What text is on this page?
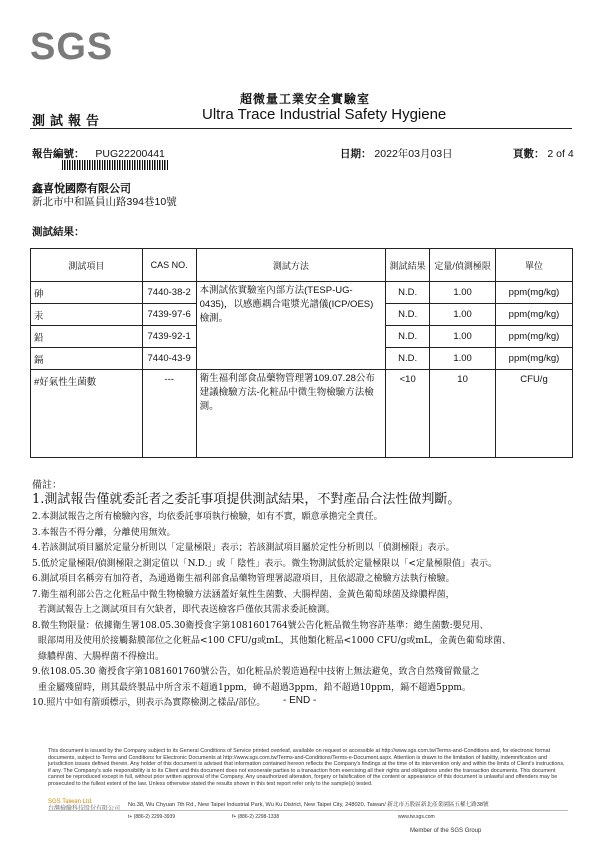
SGS
超微量工業安全實驗室
Ultra Trace Industrial Safety Hygiene
測試報告
報告編號： PUG22200441	日期： 2022年03月03日	頁數： 2 of 4
鑫喜悅國際有限公司
新北市中和區員山路394巷10號
測試結果：
測試項目	CAS NO.	測試方法	測試結果	定量/偵測極限	單位
砷	7440-38-2	本測試依實驗室內部方法(TESP-UG-0435)，以感應耦合電漿光譜儀(ICP/OES) 檢測。	N.D.	1.00	ppm(mg/kg)
汞	7439-97-6		N.D.	1.00	ppm(mg/kg)
鉛	7439-92-1		N.D.	1.00	ppm(mg/kg)
鎘	7440-43-9		N.D.	1.00	ppm(mg/kg)
#好氣性生菌數	---	衛生福利部食品藥物管理署109.07.28公布建議檢驗方法-化粧品中微生物檢驗方法檢測。	<10	10	CFU/g
備註：
1.測試報告僅就委託者之委託事項提供測試結果，不對產品合法性做判斷。
2.本測試報告之所有檢驗內容，均依委託事項執行檢驗，如有不實，願意承擔完全責任。
3.本報告不得分離，分離使用無效。
4.若該測試項目屬於定量分析則以「定量極限」表示；若該測試項目屬於定性分析則以「偵測極限」表示。
5.低於定量極限/偵測極限之測定值以「N.D.」或「 陰性」表示。微生物測試低於定量極限以「<定量極限值」表示。
6.測試項目名稱旁有加符者，為通過衛生福利部食品藥物管理署認證項目，且依認證之檢驗方法執行檢驗。
7.衛生福利部公告之化粧品中微生物檢驗方法涵蓋好氣性生菌數、大腸桿菌、金黃色葡萄球菌及綠膿桿菌，
若測試報告上之測試項目有欠缺者，即代表送檢客戶僅依其需求委託檢測。
8.微生物限量：依據衛生署108.05.30衛授食字第1081601764號公告化粧品微生物容許基準：總生菌數:嬰兒用、
眼部周用及使用於接觸黏膜部位之化粧品<100 CFU/g或mL，其他類化粧品<1000 CFU/g或mL，金黃色葡萄球菌、
綠膿桿菌、大腸桿菌不得檢出。
9.依108.05.30 衛授食字第1081601760號公告，如化粧品於製造過程中技術上無法避免，致含自然殘留微量之
重金屬殘留時，則其最終製品中所含汞不超過1ppm，砷不超過3ppm，鉛不超過10ppm，鎘不超過5ppm。
10.照片中如有箭頭標示，則表示為實際檢測之樣品/部位。	- END -
This document is issued by the Company subject to its General Conditions of Service printed overleaf, available on request or accessible at http://www.sgs.com.tw/Terms-and-Conditions and, for electronic format documents, subject to Terms and Conditions for Electronic Documents at http://www.sgs.com.tw/Terms-and-Conditions/Terms-e-Document.aspx. Attention is drawn to the limitation of liability, indemnification and jurisdiction issues defined therein. Any holder of this document is advised that information contained hereon reflects the Company's findings at the time of its intervention only and within the limits of Client's instructions, if any. The Company's sole responsibility is to its Client and this document does not exonerate parties to a transaction from exercising all their rights and obligations under the transaction documents. This document cannot be reproduced except in full, without prior written approval of the Company. Any unauthorized alteration, forgery or falsification of the content or appearance of this document is unlawful and offenders may be prosecuted to the fullest extent of the law. Unless otherwise stated the results shown in this test report refer only to the sample(s) tested.
SGS Taiwan Ltd.
台灣檢驗科技股份有限公司
No.38, Wu Chyuan 7th Rd., New Taipei Industrial Park, Wu Ku District, New Taipei City, 248020, Taiwan/ 新北市五股區新北產業園區五權七路38號
t+ (886-2) 2299-3939	f+ (886-2) 2298-1338	www.tw.sgs.com
Member of the SGS Group
